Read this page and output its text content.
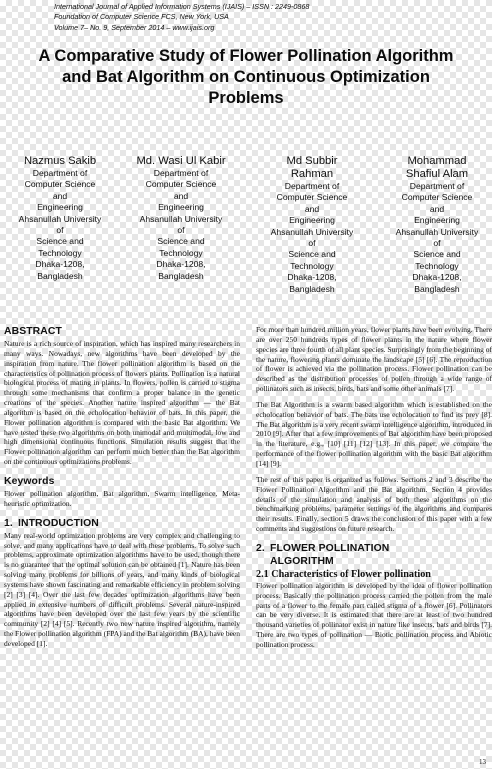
International Journal of Applied Information Systems (IJAIS) – ISSN : 2249-0868
Foundation of Computer Science FCS, New York, USA
Volume 7– No. 9, September 2014 – www.ijais.org
A Comparative Study of Flower Pollination Algorithm
and Bat Algorithm on Continuous Optimization
Problems
Nazmus Sakib
Department of
Computer Science
and
Engineering
Ahsanullah University
of
Science and
Technology
Dhaka-1208,
Bangladesh
Md. Wasi Ul Kabir
Department of
Computer Science
and
Engineering
Ahsanullah University
of
Science and
Technology
Dhaka-1208,
Bangladesh
Md Subbir
Rahman
Department of
Computer Science
and
Engineering
Ahsanullah University
of
Science and
Technology
Dhaka-1208,
Bangladesh
Mohammad
Shafiul Alam
Department of
Computer Science
and
Engineering
Ahsanullah University
of
Science and
Technology
Dhaka-1208,
Bangladesh
ABSTRACT

Nature is a rich source of inspiration, which has inspired many researchers in many ways. Nowadays, new algorithms have been developed by the inspiration from nature. The flower pollination algorithm is based on the characteristics of pollination process of flowers plants. Pollination is a natural biological process of mating in plants. In flowers, pollen is carried to stigma through some mechanisms that confirm a proper balance in the genetic creations of the species. Another nature inspired algorithm — the Bat algorithm is based on the echolocation behavior of bats. In this paper, the Flower pollination algorithm is compared with the basic Bat algorithm. We have tested these two algorithms on both unimodal and multimodal, low and high dimensional continuous functions. Simulation results suggest that the Flower pollination algorithm can perform much better than the Bat algorithm on the continuous optimizations problems.

Keywords

Flower pollination algorithm, Bat algorithm, Swarm intelligence, Meta-heuristic optimization.

1. INTRODUCTION

Many real-world optimization problems are very complex and challenging to solve, and many applications have to deal with these problems. To solve such problems, approximate optimization algorithms have to be used, though there is no guarantee that the optimal solution can be obtained [1]. Nature has been solving many problems for billions of years, and many kinds of biological systems have shown fascinating and remarkable efficiency in problem solving [2] [3] [4]. Over the last few decades optimization algorithms have been applied in extensive numbers of difficult problems. Several nature-inspired algorithms have been developed over the last few years by the scientific community [2] [4] [5]. Recently two new nature inspired algorithm, namely the Flower pollination algorithm (FPA) and the Bat algorithm (BA), have been developed [1].

For more than hundred million years, flower plants have been evolving. There are over 250 hundreds types of flower plants in the nature where flower species are three fourth of all plant species. Surprisingly from the beginning of the nature, flowering plants dominate the landscape [5] [6]. The reproduction of flower is achieved via the pollination process. Flower pollination can be described as the distribution processes of pollen through a wide range of pollinators such as insects, birds, bats and some other animals [7].

The Bat Algorithm is a swarm based algorithm which is established on the echolocation behavior of bats. The bats use echolocation to find its prey [8]. The Bat algorithm is a very recent swarm intelligence algorithm, introduced in 2010 [9]. After that a few improvements of Bat algorithm have been proposed in the literature, e.g., [10] [11] [12] [13]. In this paper, we compare the performance of the flower pollination algorithm with the basic Bat algorithm [14] [9].

The rest of this paper is organized as follows. Sections 2 and 3 describe the Flower Pollination Algorithm and the Bat algorithm. Section 4 provides details of the simulation and analysis of both these algorithms on the benchmarking problems, parameter settings of the algorithms and compares their results. Finally, section 5 draws the conclusion of this paper with a few comments and suggestions on future research.

2. FLOWER POLLINATION
ALGORITHM
2.1 Characteristics of Flower pollination

Flower pollination algorithm is developed by the idea of flower pollination process. Basically the pollination process carried the pollen from the male parts of a flower to the female part called stigma of a flower [6]. Pollinators can be very diverse. It is estimated that there are at least of two hundred thousand varieties of pollinator exist in nature like insects, bats and birds [7]. There are two types of pollination — Biotic pollination process and Abiotic pollination process.

13
